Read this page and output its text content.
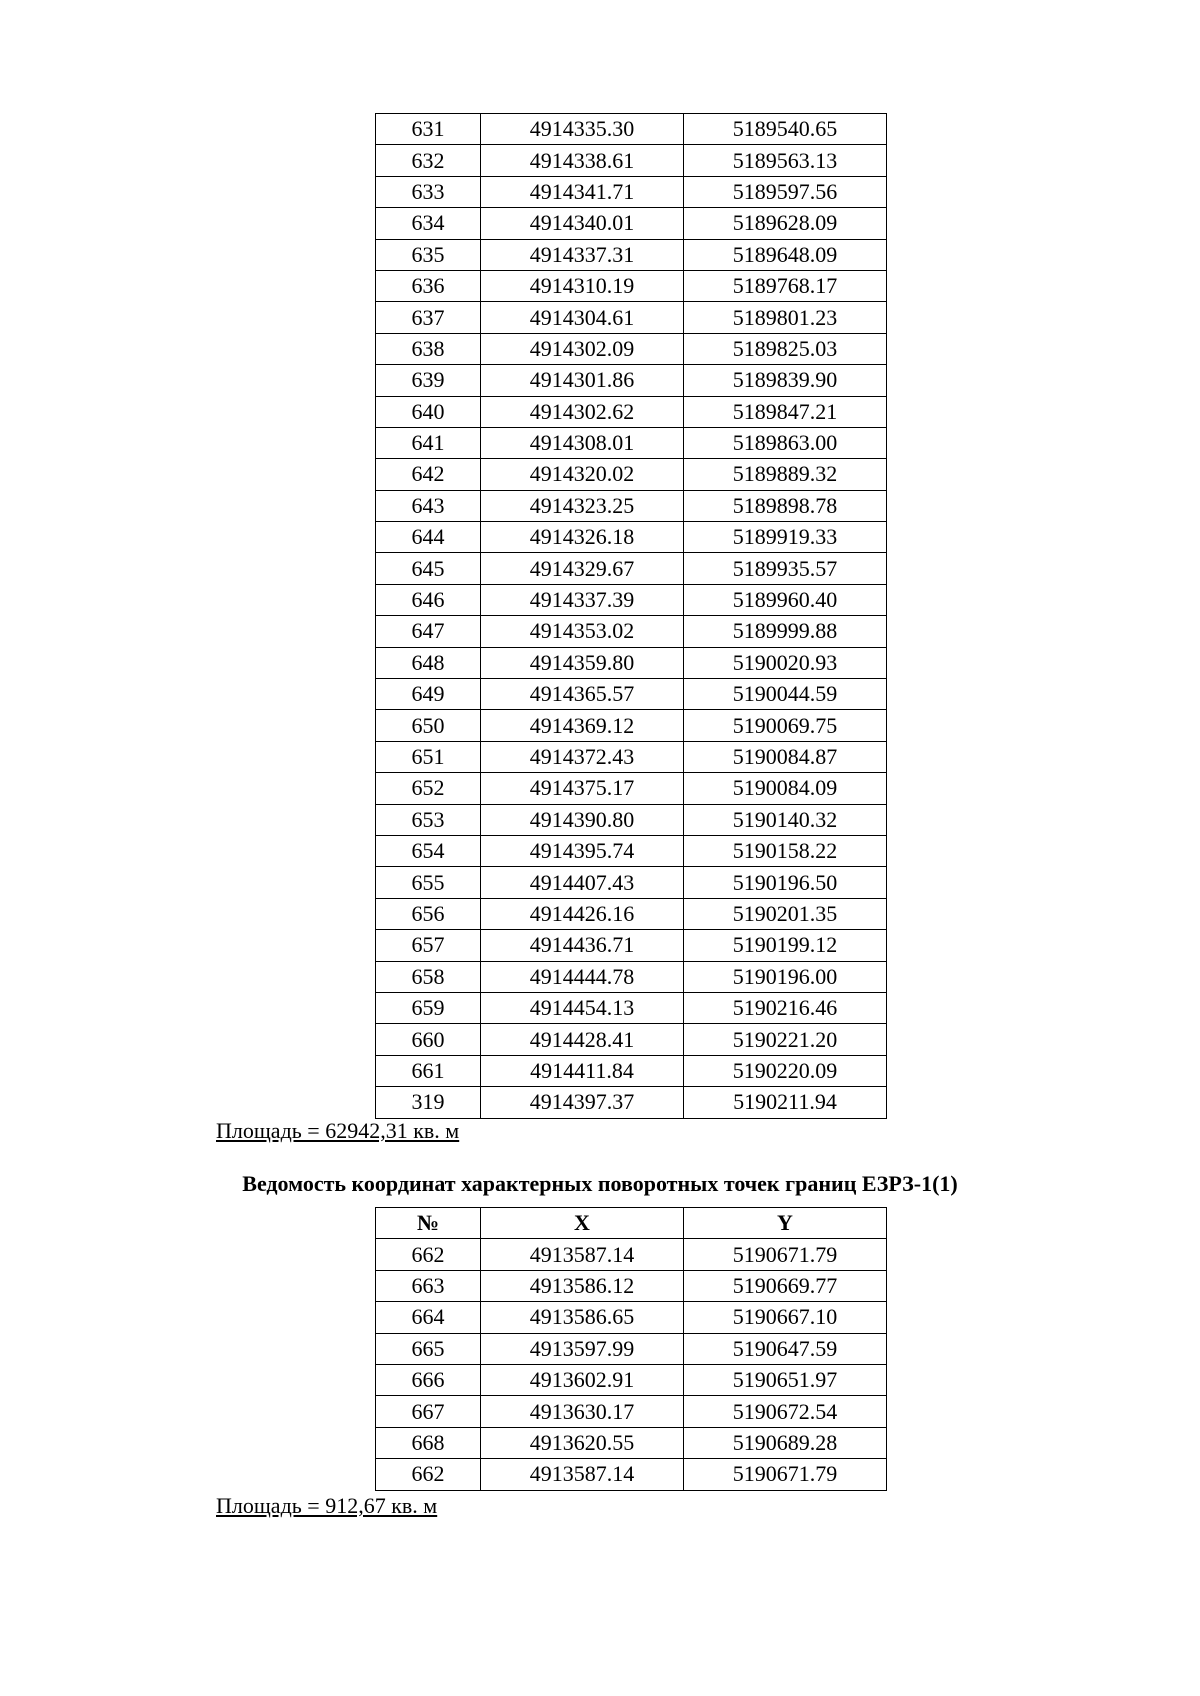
631	4914335.30	5189540.65
632	4914338.61	5189563.13
633	4914341.71	5189597.56
634	4914340.01	5189628.09
635	4914337.31	5189648.09
636	4914310.19	5189768.17
637	4914304.61	5189801.23
638	4914302.09	5189825.03
639	4914301.86	5189839.90
640	4914302.62	5189847.21
641	4914308.01	5189863.00
642	4914320.02	5189889.32
643	4914323.25	5189898.78
644	4914326.18	5189919.33
645	4914329.67	5189935.57
646	4914337.39	5189960.40
647	4914353.02	5189999.88
648	4914359.80	5190020.93
649	4914365.57	5190044.59
650	4914369.12	5190069.75
651	4914372.43	5190084.87
652	4914375.17	5190084.09
653	4914390.80	5190140.32
654	4914395.74	5190158.22
655	4914407.43	5190196.50
656	4914426.16	5190201.35
657	4914436.71	5190199.12
658	4914444.78	5190196.00
659	4914454.13	5190216.46
660	4914428.41	5190221.20
661	4914411.84	5190220.09
319	4914397.37	5190211.94
Площадь = 62942,31 кв. м
Ведомость координат характерных поворотных точек границ ЕЗРЗ-1(1)
№	X	Y
662	4913587.14	5190671.79
663	4913586.12	5190669.77
664	4913586.65	5190667.10
665	4913597.99	5190647.59
666	4913602.91	5190651.97
667	4913630.17	5190672.54
668	4913620.55	5190689.28
662	4913587.14	5190671.79
Площадь = 912,67 кв. м
